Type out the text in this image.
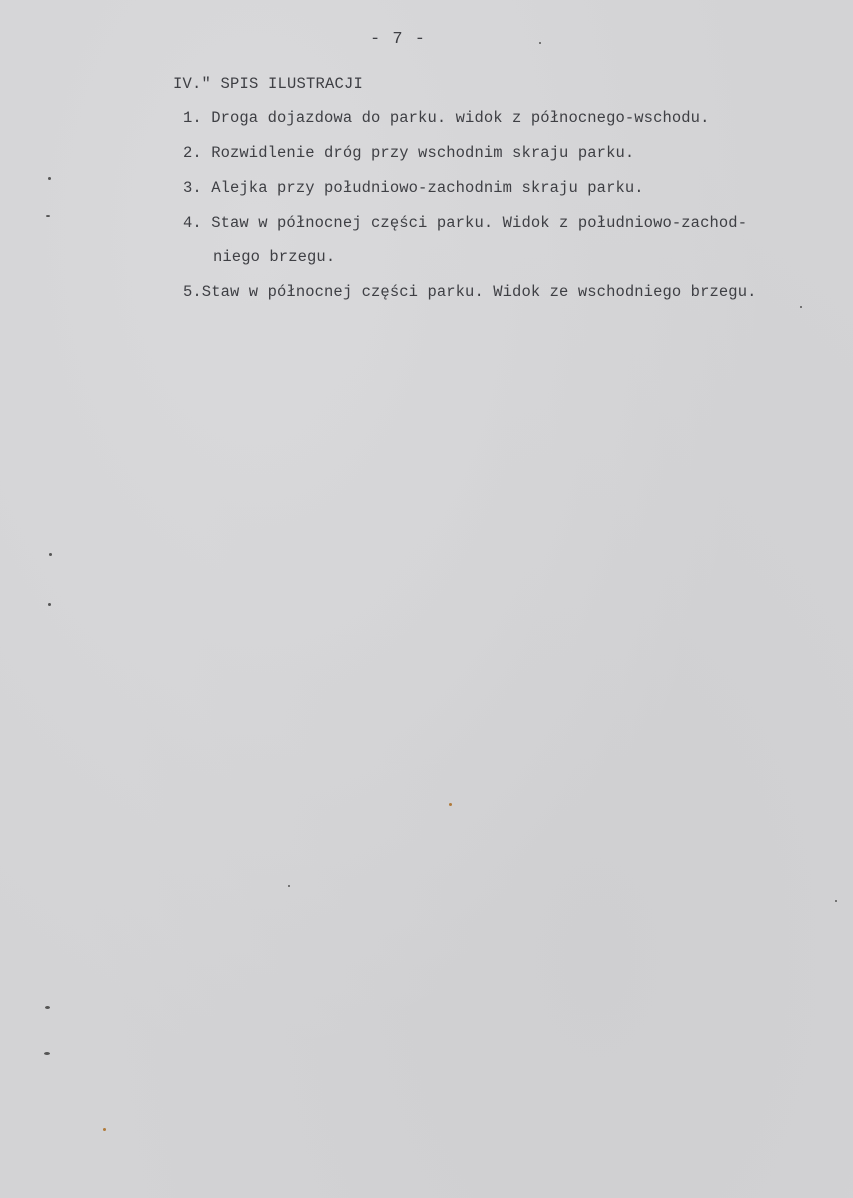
- 7 -
IV." SPIS ILUSTRACJI
1. Droga dojazdowa do parku. widok z północnego-wschodu.
2. Rozwidlenie dróg przy wschodnim skraju parku.
3. Alejka przy południowo-zachodnim skraju parku.
4. Staw w północnej części parku. Widok z południowo-zachod-
niego brzegu.
5.Staw w północnej części parku. Widok ze wschodniego brzegu.
